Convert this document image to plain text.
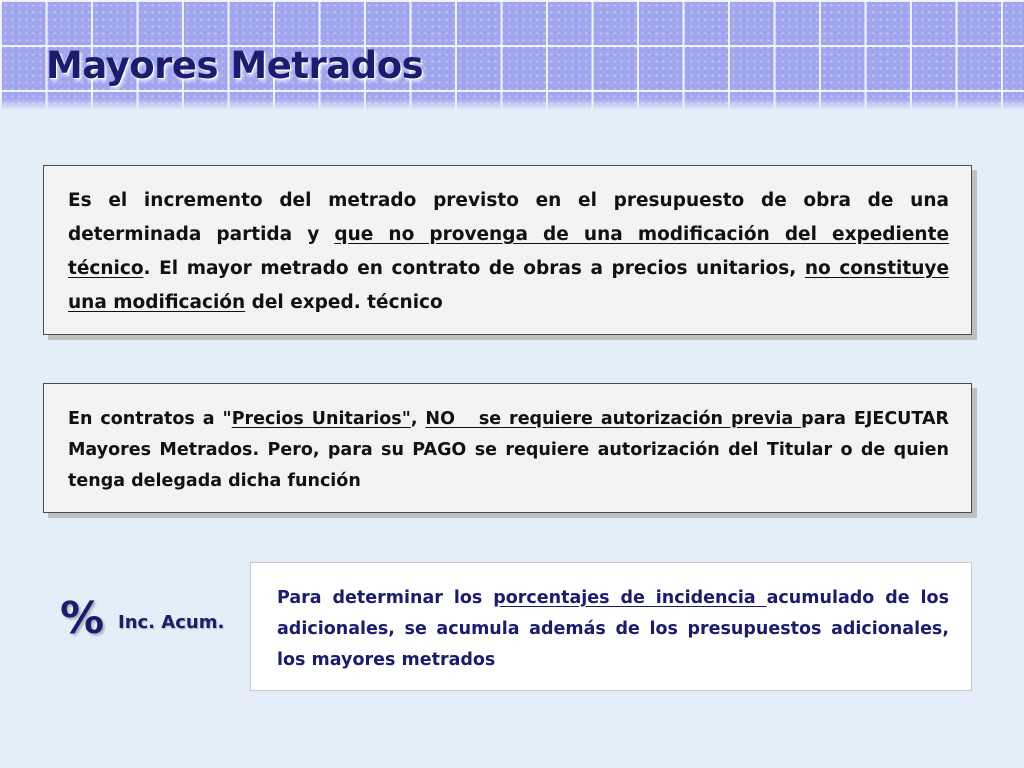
Mayores Metrados

Es el incremento del metrado previsto en el presupuesto de obra de una determinada partida y que no provenga de una modificación del expediente técnico. El mayor metrado en contrato de obras a precios unitarios, no constituye una modificación del exped. técnico

En contratos a "Precios Unitarios", NO   se requiere autorización previa para EJECUTAR Mayores Metrados. Pero, para su PAGO se requiere autorización del Titular o de quien tenga delegada dicha función

% Inc. Acum.

Para determinar los porcentajes de incidencia acumulado de los adicionales, se acumula además de los presupuestos adicionales, los mayores metrados
